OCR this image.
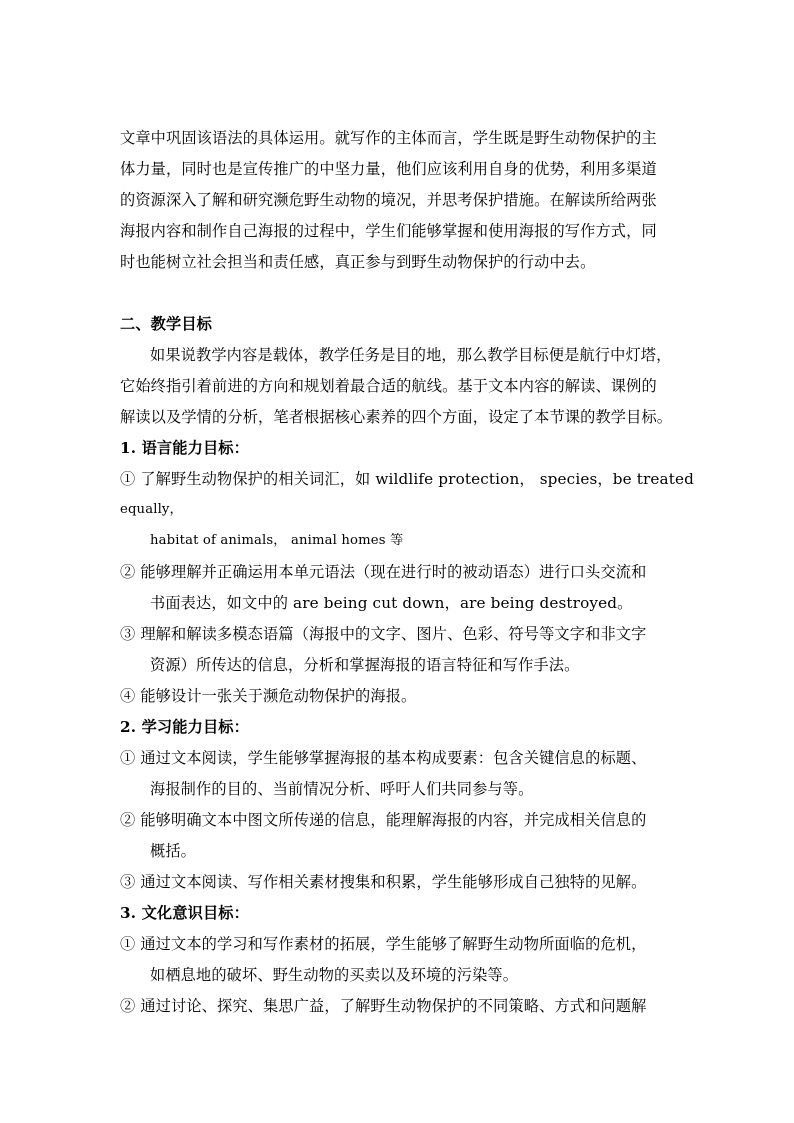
文章中巩固该语法的具体运用。就写作的主体而言，学生既是野生动物保护的主
体力量，同时也是宣传推广的中坚力量，他们应该利用自身的优势，利用多渠道
的资源深入了解和研究濒危野生动物的境况，并思考保护措施。在解读所给两张
海报内容和制作自己海报的过程中，学生们能够掌握和使用海报的写作方式，同
时也能树立社会担当和责任感，真正参与到野生动物保护的行动中去。
二、教学目标
如果说教学内容是载体，教学任务是目的地，那么教学目标便是航行中灯塔，
它始终指引着前进的方向和规划着最合适的航线。基于文本内容的解读、课例的
解读以及学情的分析，笔者根据核心素养的四个方面，设定了本节课的教学目标。
1. 语言能力目标：
① 了解野生动物保护的相关词汇，如 wildlife protection， species，be treated
equally，
habitat of animals， animal homes 等
② 能够理解并正确运用本单元语法（现在进行时的被动语态）进行口头交流和
书面表达，如文中的 are being cut down，are being destroyed。
③ 理解和解读多模态语篇（海报中的文字、图片、色彩、符号等文字和非文字
资源）所传达的信息，分析和掌握海报的语言特征和写作手法。
④ 能够设计一张关于濒危动物保护的海报。
2. 学习能力目标：
① 通过文本阅读，学生能够掌握海报的基本构成要素：包含关键信息的标题、
海报制作的目的、当前情况分析、呼吁人们共同参与等。
② 能够明确文本中图文所传递的信息，能理解海报的内容，并完成相关信息的
概括。
③ 通过文本阅读、写作相关素材搜集和积累，学生能够形成自己独特的见解。
3. 文化意识目标：
① 通过文本的学习和写作素材的拓展，学生能够了解野生动物所面临的危机，
如栖息地的破坏、野生动物的买卖以及环境的污染等。
② 通过讨论、探究、集思广益，了解野生动物保护的不同策略、方式和问题解
